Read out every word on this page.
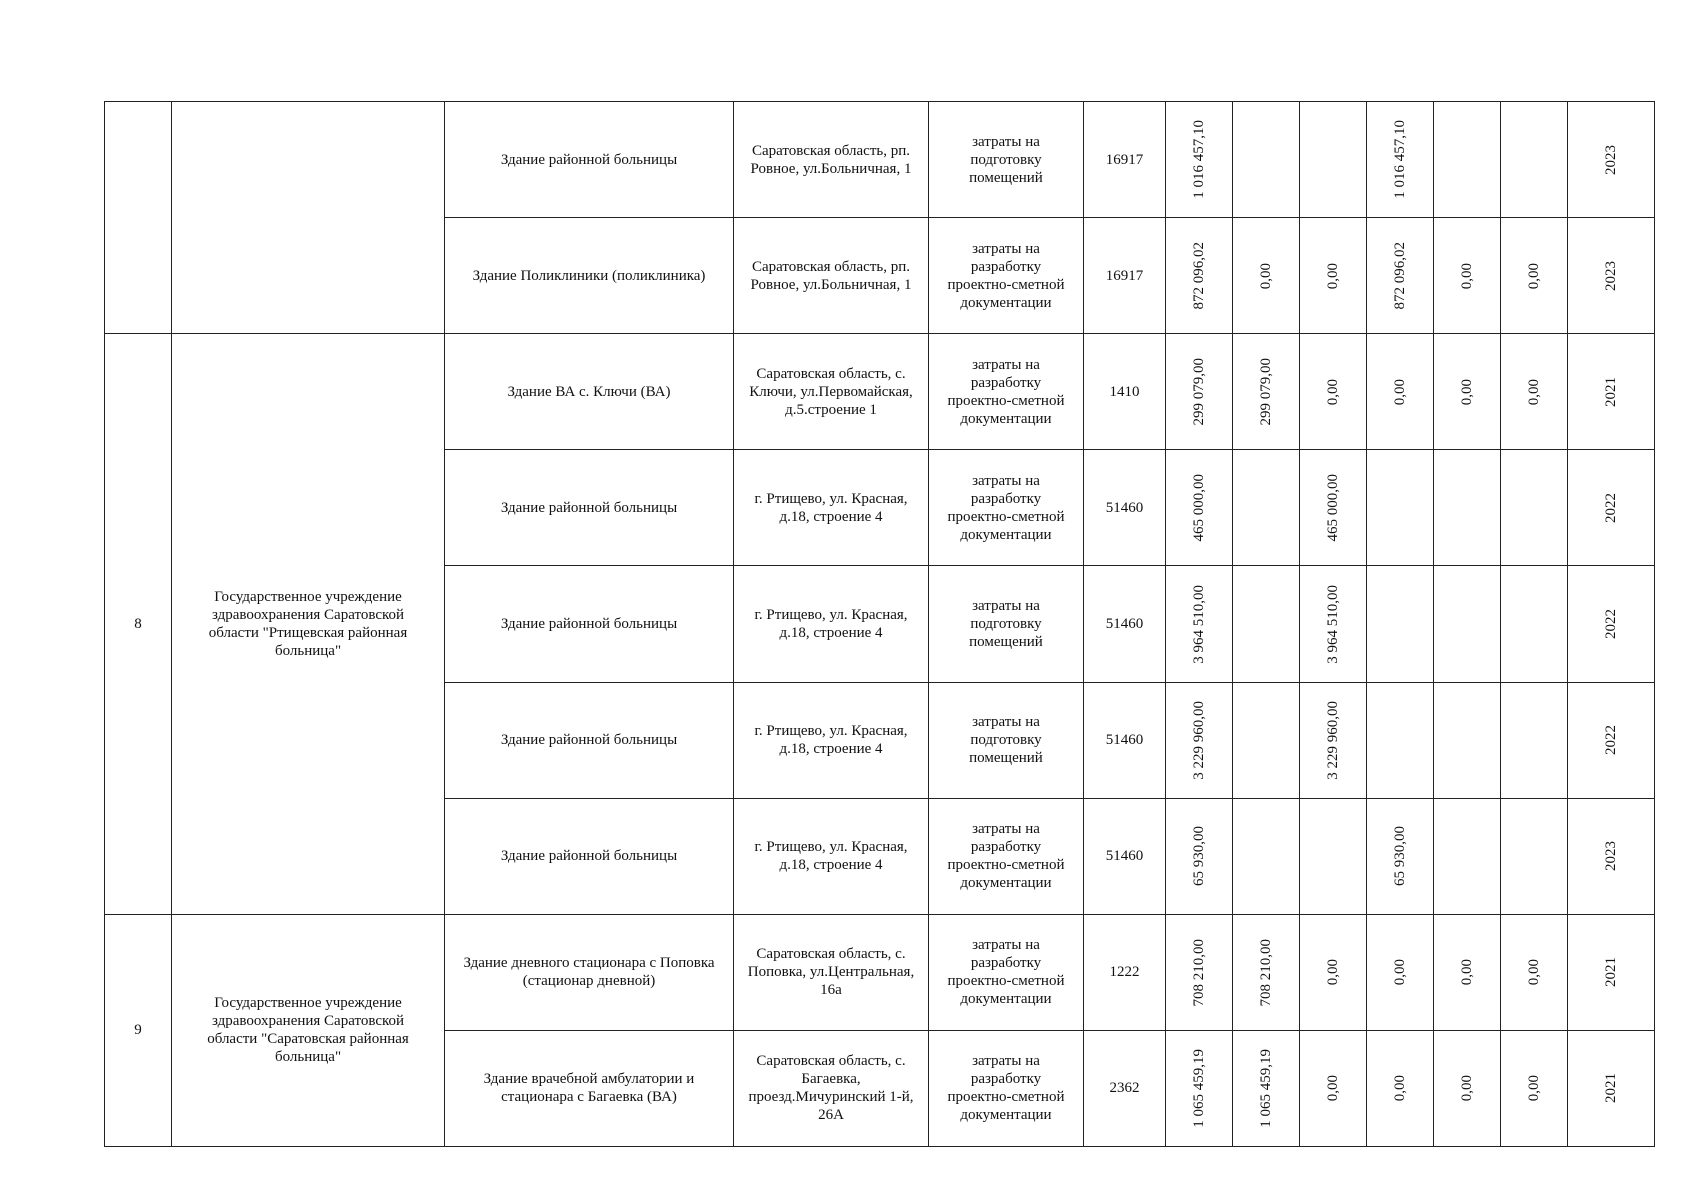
		Здание районной больницы	Саратовская область, рп. Ровное, ул.Больничная, 1	затраты на подготовку помещений	16917	1 016 457,10			1 016 457,10			2023

		Здание Поликлиники (поликлиника)	Саратовская область, рп. Ровное, ул.Больничная, 1	затраты на разработку проектно-сметной документации	16917	872 096,02	0,00	0,00	872 096,02	0,00	0,00	2023

8	Государственное учреждение здравоохранения Саратовской области "Ртищевская районная больница"	Здание ВА с. Ключи (ВА)	Саратовская область, с. Ключи, ул.Первомайская, д.5.строение 1	затраты на разработку проектно-сметной документации	1410	299 079,00	299 079,00	0,00	0,00	0,00	0,00	2021

		Здание районной больницы	г. Ртищево, ул. Красная, д.18, строение 4	затраты на разработку проектно-сметной документации	51460	465 000,00		465 000,00				2022

		Здание районной больницы	г. Ртищево, ул. Красная, д.18, строение 4	затраты на подготовку помещений	51460	3 964 510,00		3 964 510,00				2022

		Здание районной больницы	г. Ртищево, ул. Красная, д.18, строение 4	затраты на подготовку помещений	51460	3 229 960,00		3 229 960,00				2022

		Здание районной больницы	г. Ртищево, ул. Красная, д.18, строение 4	затраты на разработку проектно-сметной документации	51460	65 930,00			65 930,00			2023

9	Государственное учреждение здравоохранения Саратовской области "Саратовская районная больница"	Здание дневного стационара с Поповка (стационар дневной)	Саратовская область, с. Поповка, ул.Центральная, 16а	затраты на разработку проектно-сметной документации	1222	708 210,00	708 210,00	0,00	0,00	0,00	0,00	2021

		Здание врачебной амбулатории и стационара с Багаевка (ВА)	Саратовская область, с. Багаевка, проезд.Мичуринский 1-й, 26А	затраты на разработку проектно-сметной документации	2362	1 065 459,19	1 065 459,19	0,00	0,00	0,00	0,00	2021
